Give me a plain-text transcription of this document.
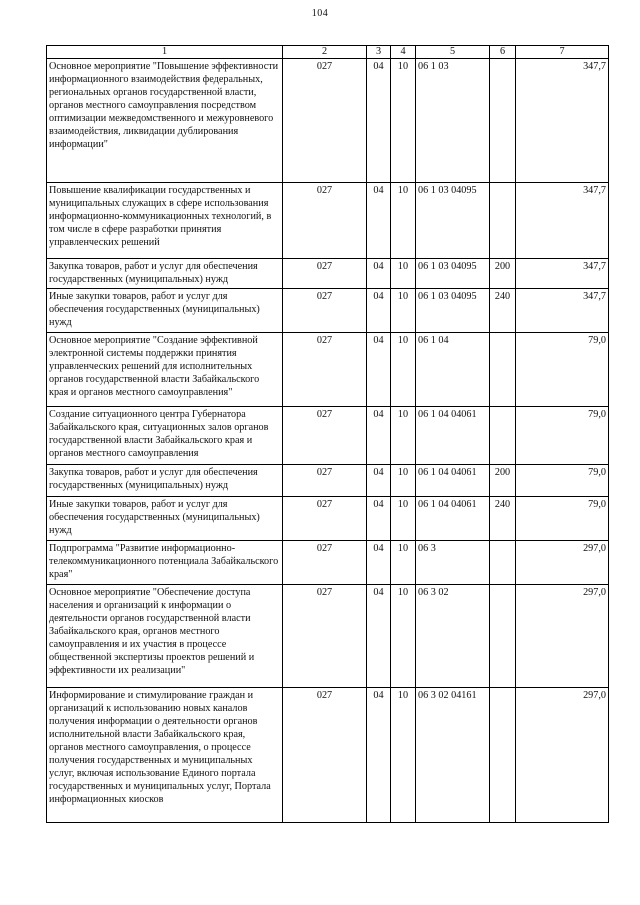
104
1	2	3	4	5	6	7
Основное мероприятие "Повышение эффективности информационного взаимодействия федеральных, региональных органов государственной власти, органов местного самоуправления посредством оптимизации межведомственного и межуровневого взаимодействия, ликвидации дублирования информации"	027	04	10	06 1 03		347,7
Повышение квалификации государственных и муниципальных служащих в сфере использования информационно-коммуникационных технологий, в том числе в сфере разработки принятия управленческих решений	027	04	10	06 1 03 04095		347,7
Закупка товаров, работ и услуг для обеспечения государственных (муниципальных) нужд	027	04	10	06 1 03 04095	200	347,7
Иные закупки товаров, работ и услуг для обеспечения государственных (муниципальных) нужд	027	04	10	06 1 03 04095	240	347,7
Основное мероприятие "Создание эффективной электронной системы поддержки принятия управленческих решений для исполнительных органов государственной власти Забайкальского края и органов местного самоуправления"	027	04	10	06 1 04		79,0
Создание ситуационного центра Губернатора Забайкальского края, ситуационных залов органов государственной власти Забайкальского края и органов местного самоуправления	027	04	10	06 1 04 04061		79,0
Закупка товаров, работ и услуг для обеспечения государственных (муниципальных) нужд	027	04	10	06 1 04 04061	200	79,0
Иные закупки товаров, работ и услуг для обеспечения государственных (муниципальных) нужд	027	04	10	06 1 04 04061	240	79,0
Подпрограмма "Развитие информационно-телекоммуникационного потенциала Забайкальского края"	027	04	10	06 3		297,0
Основное мероприятие "Обеспечение доступа населения и организаций к информации о деятельности органов государственной власти Забайкальского края, органов местного самоуправления и их участия в процессе общественной экспертизы проектов решений и эффективности их реализации"	027	04	10	06 3 02		297,0
Информирование и стимулирование граждан и организаций к использованию новых каналов получения информации о деятельности органов исполнительной власти Забайкальского края, органов местного самоуправления, о процессе получения государственных и муниципальных услуг, включая использование Единого портала государственных и муниципальных услуг, Портала информационных киосков	027	04	10	06 3 02 04161		297,0
